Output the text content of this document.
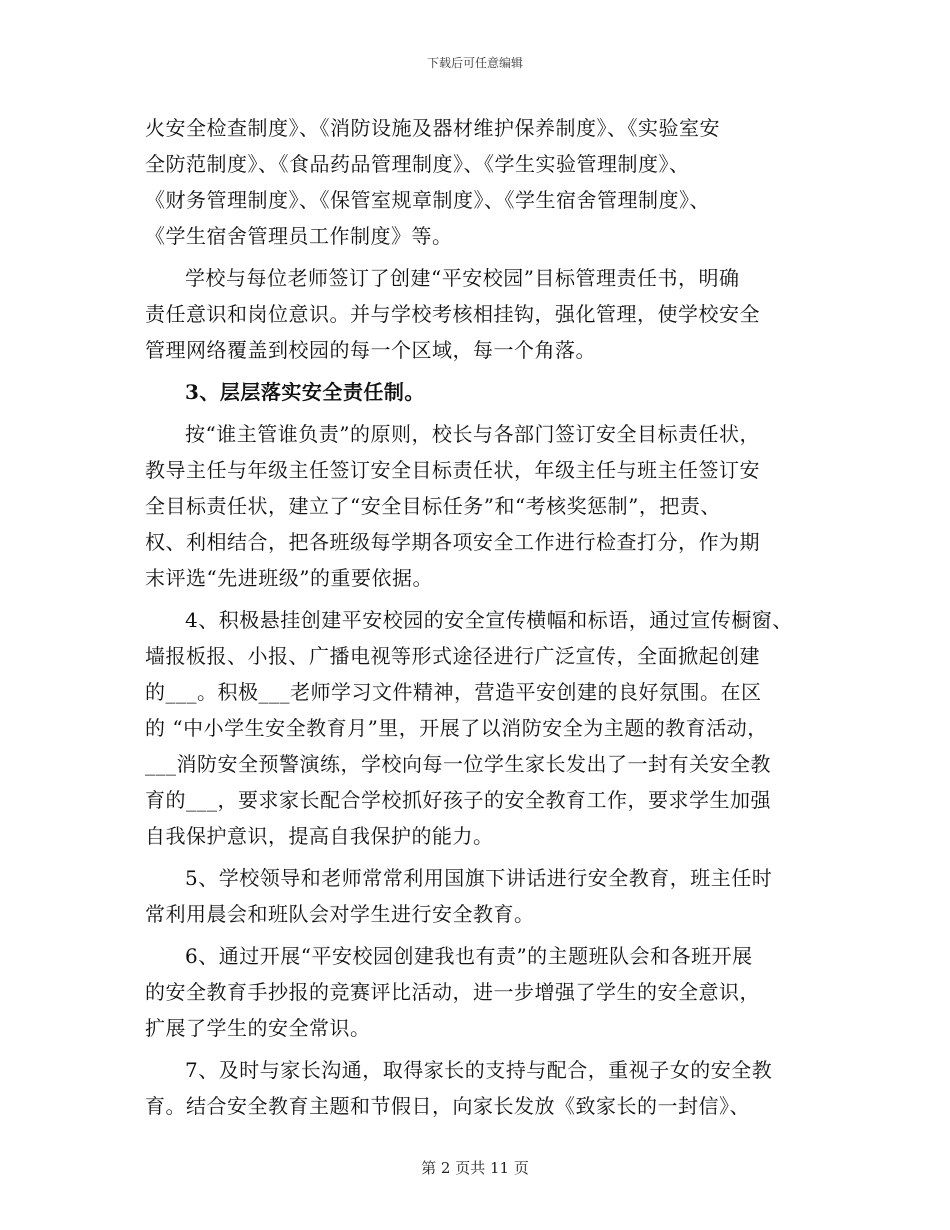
下载后可任意编辑
火安全检查制度》、《消防设施及器材维护保养制度》、《实验室安
全防范制度》、《食品药品管理制度》、《学生实验管理制度》、
《财务管理制度》、《保管室规章制度》、《学生宿舍管理制度》、
《学生宿舍管理员工作制度》等。
学校与每位老师签订了创建“平安校园”目标管理责任书，明确
责任意识和岗位意识。并与学校考核相挂钩，强化管理，使学校安全
管理网络覆盖到校园的每一个区域，每一个角落。
3、层层落实安全责任制。
按“谁主管谁负责”的原则，校长与各部门签订安全目标责任状，
教导主任与年级主任签订安全目标责任状，年级主任与班主任签订安
全目标责任状，建立了“安全目标任务”和“考核奖惩制”，把责、
权、利相结合，把各班级每学期各项安全工作进行检查打分，作为期
末评选“先进班级”的重要依据。
4、积极悬挂创建平安校园的安全宣传横幅和标语，通过宣传橱窗、
墙报板报、小报、广播电视等形式途径进行广泛宣传，全面掀起创建
的___。积极___老师学习文件精神，营造平安创建的良好氛围。在区
的 “中小学生安全教育月”里，开展了以消防安全为主题的教育活动，
___消防安全预警演练，学校向每一位学生家长发出了一封有关安全教
育的___，要求家长配合学校抓好孩子的安全教育工作，要求学生加强
自我保护意识，提高自我保护的能力。
5、学校领导和老师常常利用国旗下讲话进行安全教育，班主任时
常利用晨会和班队会对学生进行安全教育。
6、通过开展“平安校园创建我也有责”的主题班队会和各班开展
的安全教育手抄报的竞赛评比活动，进一步增强了学生的安全意识，
扩展了学生的安全常识。
7、及时与家长沟通，取得家长的支持与配合，重视子女的安全教
育。结合安全教育主题和节假日，向家长发放《致家长的一封信》、
第 2 页共 11 页
